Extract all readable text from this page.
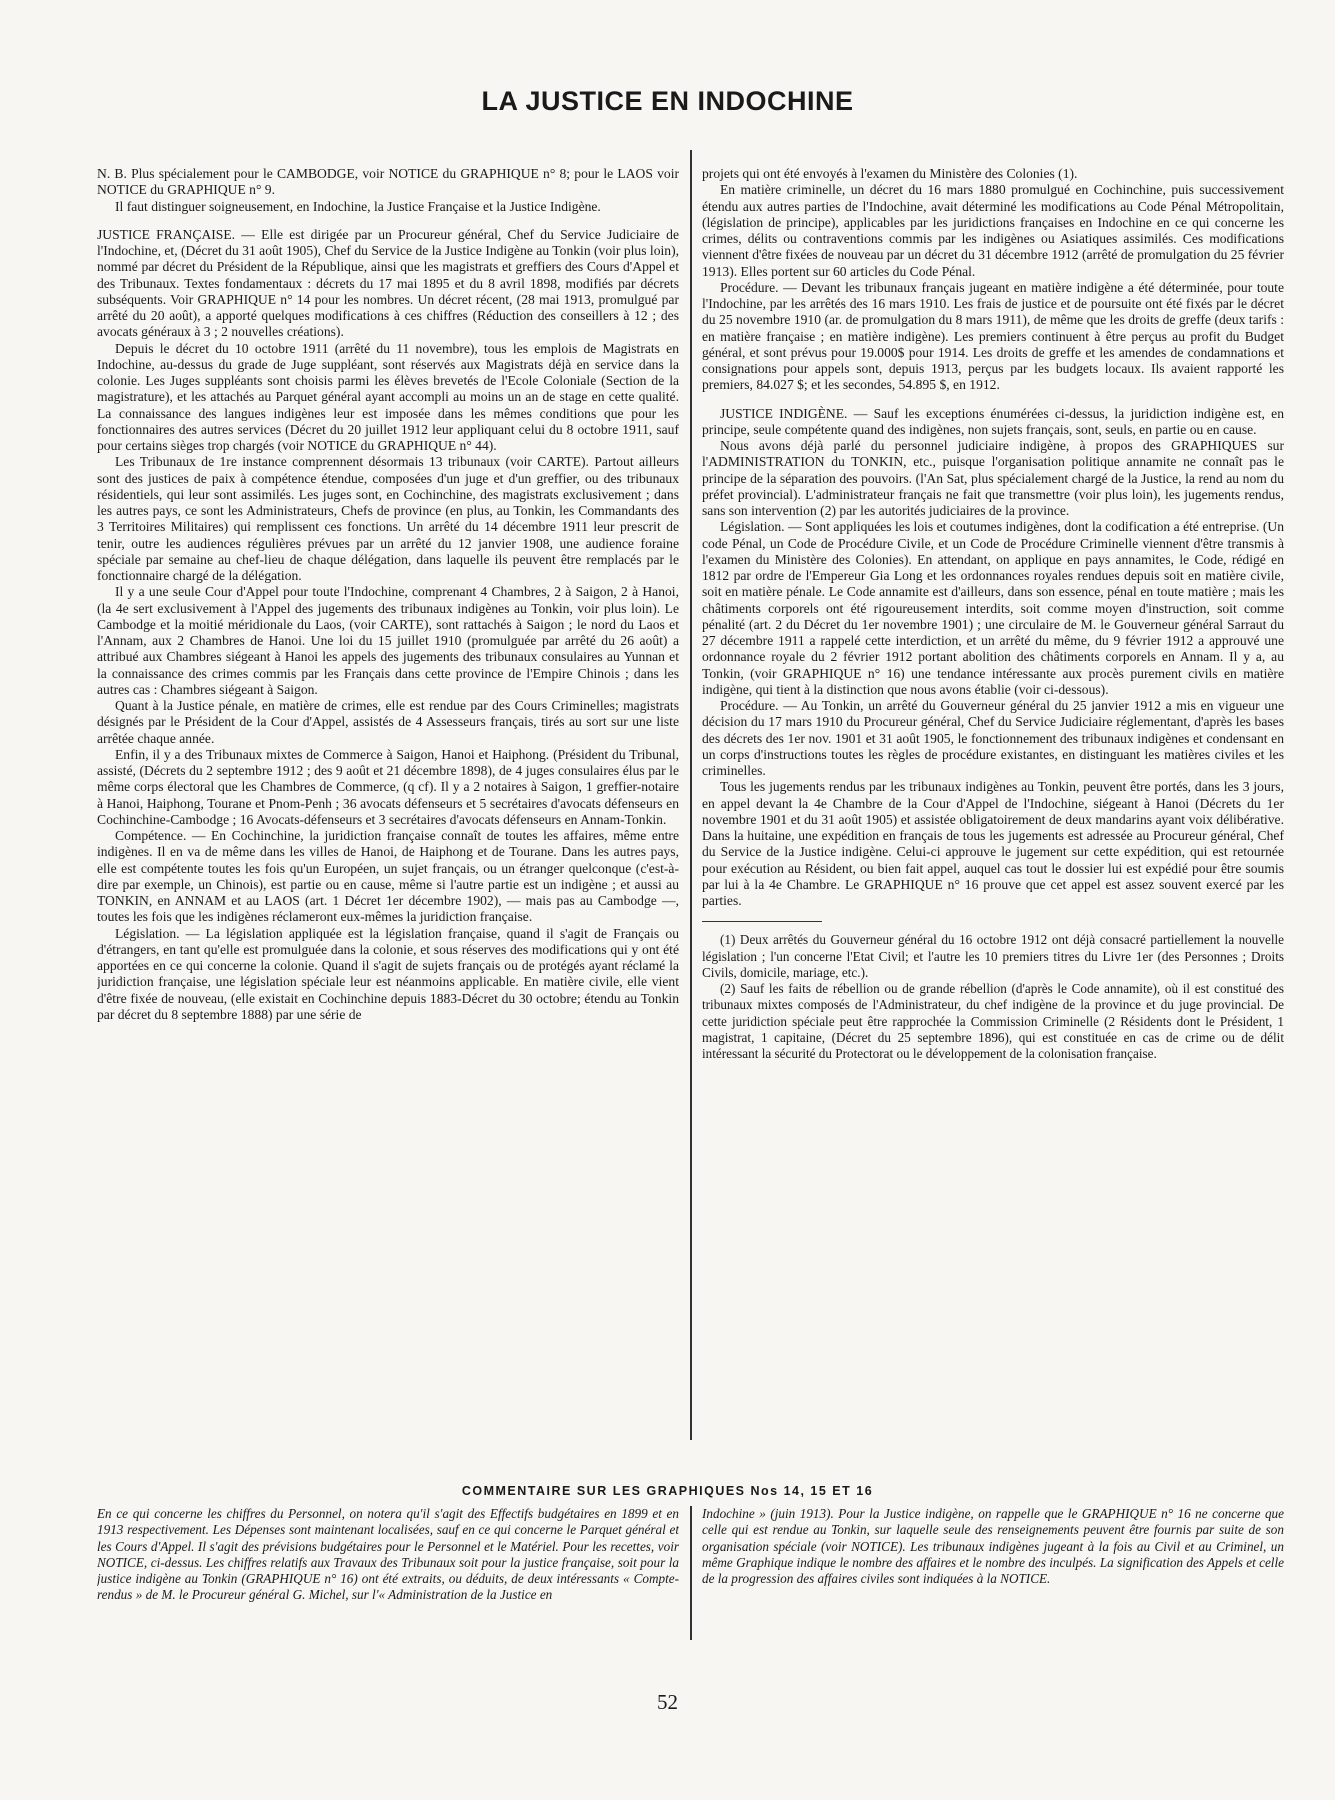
LA JUSTICE EN INDOCHINE

N. B. Plus spécialement pour le CAMBODGE, voir NOTICE du GRAPHIQUE n° 8; pour le LAOS voir NOTICE du GRAPHIQUE n° 9.

Il faut distinguer soigneusement, en Indochine, la Justice Française et la Justice Indigène.

JUSTICE FRANÇAISE. — Elle est dirigée par un Procureur général, Chef du Service Judiciaire de l'Indochine, et, (Décret du 31 août 1905), Chef du Service de la Justice Indigène au Tonkin (voir plus loin), nommé par décret du Président de la République, ainsi que les magistrats et greffiers des Cours d'Appel et des Tribunaux. Textes fondamentaux : décrets du 17 mai 1895 et du 8 avril 1898, modifiés par décrets subséquents. Voir GRAPHIQUE n° 14 pour les nombres. Un décret récent, (28 mai 1913, promulgué par arrêté du 20 août), a apporté quelques modifications à ces chiffres (Réduction des conseillers à 12 ; des avocats généraux à 3 ; 2 nouvelles créations).

Depuis le décret du 10 octobre 1911 (arrêté du 11 novembre), tous les emplois de Magistrats en Indochine, au-dessus du grade de Juge suppléant, sont réservés aux Magistrats déjà en service dans la colonie. Les Juges suppléants sont choisis parmi les élèves brevetés de l'Ecole Coloniale (Section de la magistrature), et les attachés au Parquet général ayant accompli au moins un an de stage en cette qualité. La connaissance des langues indigènes leur est imposée dans les mêmes conditions que pour les fonctionnaires des autres services (Décret du 20 juillet 1912 leur appliquant celui du 8 octobre 1911, sauf pour certains sièges trop chargés (voir NOTICE du GRAPHIQUE n° 44).

Les Tribunaux de 1re instance comprennent désormais 13 tribunaux (voir CARTE). Partout ailleurs sont des justices de paix à compétence étendue, composées d'un juge et d'un greffier, ou des tribunaux résidentiels, qui leur sont assimilés. Les juges sont, en Cochinchine, des magistrats exclusivement ; dans les autres pays, ce sont les Administrateurs, Chefs de province (en plus, au Tonkin, les Commandants des 3 Territoires Militaires) qui remplissent ces fonctions. Un arrêté du 14 décembre 1911 leur prescrit de tenir, outre les audiences régulières prévues par un arrêté du 12 janvier 1908, une audience foraine spéciale par semaine au chef-lieu de chaque délégation, dans laquelle ils peuvent être remplacés par le fonctionnaire chargé de la délégation.

Il y a une seule Cour d'Appel pour toute l'Indochine, comprenant 4 Chambres, 2 à Saigon, 2 à Hanoi, (la 4e sert exclusivement à l'Appel des jugements des tribunaux indigènes au Tonkin, voir plus loin). Le Cambodge et la moitié méridionale du Laos, (voir CARTE), sont rattachés à Saigon ; le nord du Laos et l'Annam, aux 2 Chambres de Hanoi. Une loi du 15 juillet 1910 (promulguée par arrêté du 26 août) a attribué aux Chambres siégeant à Hanoi les appels des jugements des tribunaux consulaires au Yunnan et la connaissance des crimes commis par les Français dans cette province de l'Empire Chinois ; dans les autres cas : Chambres siégeant à Saigon.

Quant à la Justice pénale, en matière de crimes, elle est rendue par des Cours Criminelles; magistrats désignés par le Président de la Cour d'Appel, assistés de 4 Assesseurs français, tirés au sort sur une liste arrêtée chaque année.

Enfin, il y a des Tribunaux mixtes de Commerce à Saigon, Hanoi et Haiphong. (Président du Tribunal, assisté, (Décrets du 2 septembre 1912 ; des 9 août et 21 décembre 1898), de 4 juges consulaires élus par le même corps électoral que les Chambres de Commerce, (q cf). Il y a 2 notaires à Saigon, 1 greffier-notaire à Hanoi, Haiphong, Tourane et Pnom-Penh ; 36 avocats défenseurs et 5 secrétaires d'avocats défenseurs en Cochinchine-Cambodge ; 16 Avocats-défenseurs et 3 secrétaires d'avocats défenseurs en Annam-Tonkin.

Compétence. — En Cochinchine, la juridiction française connaît de toutes les affaires, même entre indigènes. Il en va de même dans les villes de Hanoi, de Haiphong et de Tourane. Dans les autres pays, elle est compétente toutes les fois qu'un Européen, un sujet français, ou un étranger quelconque (c'est-à-dire par exemple, un Chinois), est partie ou en cause, même si l'autre partie est un indigène ; et aussi au TONKIN, en ANNAM et au LAOS (art. 1 Décret 1er décembre 1902), — mais pas au Cambodge —, toutes les fois que les indigènes réclameront eux-mêmes la juridiction française.

Législation. — La législation appliquée est la législation française, quand il s'agit de Français ou d'étrangers, en tant qu'elle est promulguée dans la colonie, et sous réserves des modifications qui y ont été apportées en ce qui concerne la colonie. Quand il s'agit de sujets français ou de protégés ayant réclamé la juridiction française, une législation spéciale leur est néanmoins applicable. En matière civile, elle vient d'être fixée de nouveau, (elle existait en Cochinchine depuis 1883-Décret du 30 octobre; étendu au Tonkin par décret du 8 septembre 1888) par une série de

projets qui ont été envoyés à l'examen du Ministère des Colonies (1).

En matière criminelle, un décret du 16 mars 1880 promulgué en Cochinchine, puis successivement étendu aux autres parties de l'Indochine, avait déterminé les modifications au Code Pénal Métropolitain, (législation de principe), applicables par les juridictions françaises en Indochine en ce qui concerne les crimes, délits ou contraventions commis par les indigènes ou Asiatiques assimilés. Ces modifications viennent d'être fixées de nouveau par un décret du 31 décembre 1912 (arrêté de promulgation du 25 février 1913). Elles portent sur 60 articles du Code Pénal.

Procédure. — Devant les tribunaux français jugeant en matière indigène a été déterminée, pour toute l'Indochine, par les arrêtés des 16 mars 1910. Les frais de justice et de poursuite ont été fixés par le décret du 25 novembre 1910 (ar. de promulgation du 8 mars 1911), de même que les droits de greffe (deux tarifs : en matière française ; en matière indigène). Les premiers continuent à être perçus au profit du Budget général, et sont prévus pour 19.000$ pour 1914. Les droits de greffe et les amendes de condamnations et consignations pour appels sont, depuis 1913, perçus par les budgets locaux. Ils avaient rapporté les premiers, 84.027 $; et les secondes, 54.895 $, en 1912.

JUSTICE INDIGÈNE. — Sauf les exceptions énumérées ci-dessus, la juridiction indigène est, en principe, seule compétente quand des indigènes, non sujets français, sont, seuls, en partie ou en cause.

Nous avons déjà parlé du personnel judiciaire indigène, à propos des GRAPHIQUES sur l'ADMINISTRATION du TONKIN, etc., puisque l'organisation politique annamite ne connaît pas le principe de la séparation des pouvoirs. (l'An Sat, plus spécialement chargé de la Justice, la rend au nom du préfet provincial). L'administrateur français ne fait que transmettre (voir plus loin), les jugements rendus, sans son intervention (2) par les autorités judiciaires de la province.

Législation. — Sont appliquées les lois et coutumes indigènes, dont la codification a été entreprise. (Un code Pénal, un Code de Procédure Civile, et un Code de Procédure Criminelle viennent d'être transmis à l'examen du Ministère des Colonies). En attendant, on applique en pays annamites, le Code, rédigé en 1812 par ordre de l'Empereur Gia Long et les ordonnances royales rendues depuis soit en matière civile, soit en matière pénale. Le Code annamite est d'ailleurs, dans son essence, pénal en toute matière ; mais les châtiments corporels ont été rigoureusement interdits, soit comme moyen d'instruction, soit comme pénalité (art. 2 du Décret du 1er novembre 1901) ; une circulaire de M. le Gouverneur général Sarraut du 27 décembre 1911 a rappelé cette interdiction, et un arrêté du même, du 9 février 1912 a approuvé une ordonnance royale du 2 février 1912 portant abolition des châtiments corporels en Annam. Il y a, au Tonkin, (voir GRAPHIQUE n° 16) une tendance intéressante aux procès purement civils en matière indigène, qui tient à la distinction que nous avons établie (voir ci-dessous).

Procédure. — Au Tonkin, un arrêté du Gouverneur général du 25 janvier 1912 a mis en vigueur une décision du 17 mars 1910 du Procureur général, Chef du Service Judiciaire réglementant, d'après les bases des décrets des 1er nov. 1901 et 31 août 1905, le fonctionnement des tribunaux indigènes et condensant en un corps d'instructions toutes les règles de procédure existantes, en distinguant les matières civiles et les criminelles.

Tous les jugements rendus par les tribunaux indigènes au Tonkin, peuvent être portés, dans les 3 jours, en appel devant la 4e Chambre de la Cour d'Appel de l'Indochine, siégeant à Hanoi (Décrets du 1er novembre 1901 et du 31 août 1905) et assistée obligatoirement de deux mandarins ayant voix délibérative. Dans la huitaine, une expédition en français de tous les jugements est adressée au Procureur général, Chef du Service de la Justice indigène. Celui-ci approuve le jugement sur cette expédition, qui est retournée pour exécution au Résident, ou bien fait appel, auquel cas tout le dossier lui est expédié pour être soumis par lui à la 4e Chambre. Le GRAPHIQUE n° 16 prouve que cet appel est assez souvent exercé par les parties.

(1) Deux arrêtés du Gouverneur général du 16 octobre 1912 ont déjà consacré partiellement la nouvelle législation ; l'un concerne l'Etat Civil; et l'autre les 10 premiers titres du Livre 1er (des Personnes ; Droits Civils, domicile, mariage, etc.).

(2) Sauf les faits de rébellion ou de grande rébellion (d'après le Code annamite), où il est constitué des tribunaux mixtes composés de l'Administrateur, du chef indigène de la province et du juge provincial. De cette juridiction spéciale peut être rapprochée la Commission Criminelle (2 Résidents dont le Président, 1 magistrat, 1 capitaine, (Décret du 25 septembre 1896), qui est constituée en cas de crime ou de délit intéressant la sécurité du Protectorat ou le développement de la colonisation française.

COMMENTAIRE SUR LES GRAPHIQUES Nos 14, 15 ET 16
En ce qui concerne les chiffres du Personnel, on notera qu'il s'agit des Effectifs budgétaires en 1899 et en 1913 respectivement. Les Dépenses sont maintenant localisées, sauf en ce qui concerne le Parquet général et les Cours d'Appel. Il s'agit des prévisions budgétaires pour le Personnel et le Matériel. Pour les recettes, voir NOTICE, ci-dessus. Les chiffres relatifs aux Travaux des Tribunaux soit pour la justice française, soit pour la justice indigène au Tonkin (GRAPHIQUE n° 16) ont été extraits, ou déduits, de deux intéressants « Compte-rendus » de M. le Procureur général G. Michel, sur l'« Administration de la Justice en
Indochine » (juin 1913). Pour la Justice indigène, on rappelle que le GRAPHIQUE n° 16 ne concerne que celle qui est rendue au Tonkin, sur laquelle seule des renseignements peuvent être fournis par suite de son organisation spéciale (voir NOTICE). Les tribunaux indigènes jugeant à la fois au Civil et au Criminel, un même Graphique indique le nombre des affaires et le nombre des inculpés. La signification des Appels et celle de la progression des affaires civiles sont indiquées à la NOTICE.
52
